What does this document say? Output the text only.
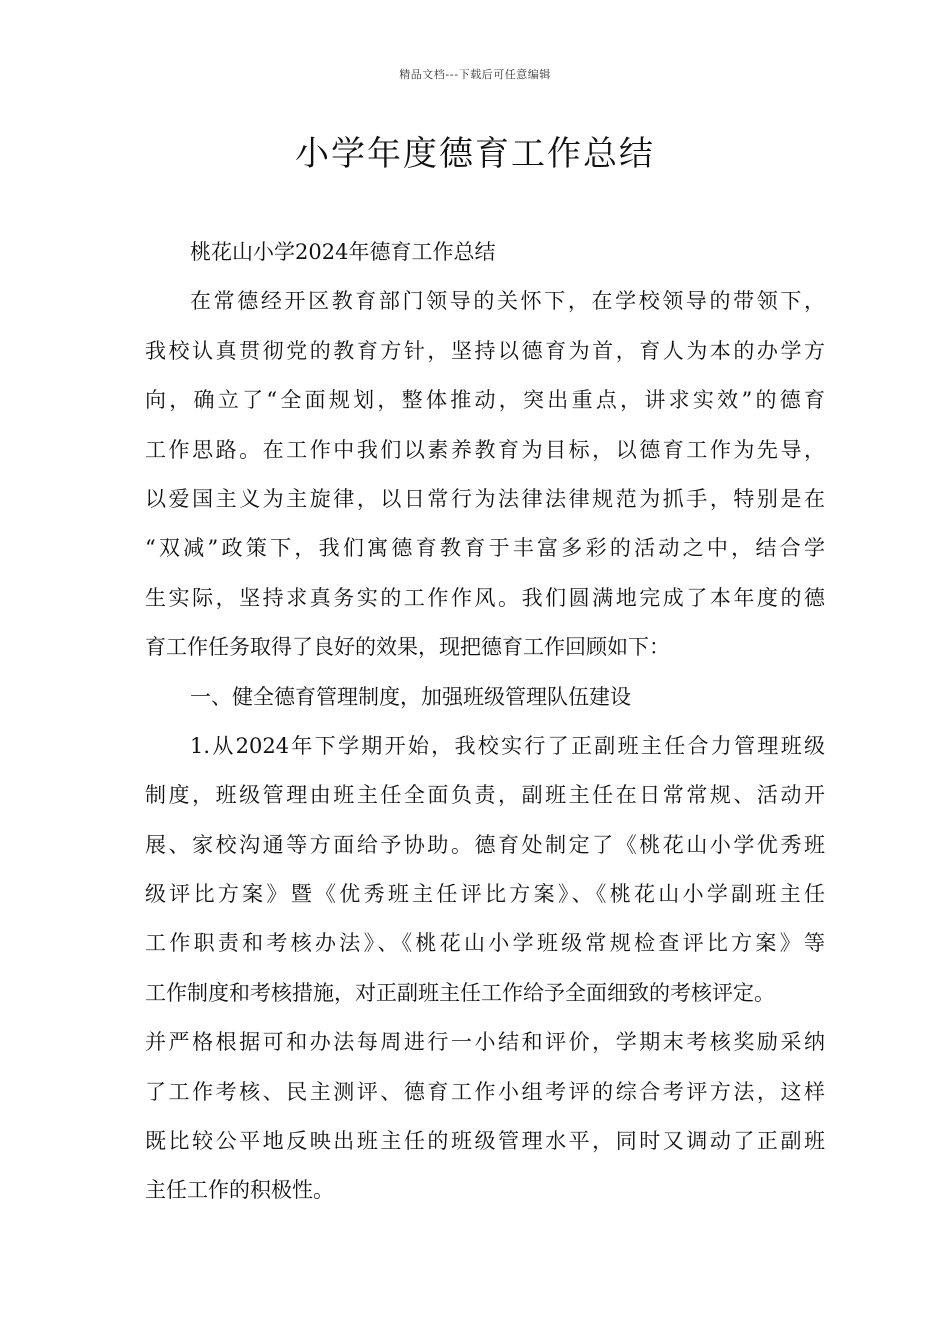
精品文档---下载后可任意编辑
小学年度德育工作总结

桃花山小学2024年德育工作总结

在常德经开区教育部门领导的关怀下，在学校领导的带领下，

我校认真贯彻党的教育方针，坚持以德育为首，育人为本的办学方

向，确立了“全面规划，整体推动，突出重点，讲求实效”的德育

工作思路。在工作中我们以素养教育为目标，以德育工作为先导，

以爱国主义为主旋律，以日常行为法律法律规范为抓手，特别是在

“双减”政策下，我们寓德育教育于丰富多彩的活动之中，结合学

生实际，坚持求真务实的工作作风。我们圆满地完成了本年度的德

育工作任务取得了良好的效果，现把德育工作回顾如下：

一、健全德育管理制度，加强班级管理队伍建设

1.从2024年下学期开始，我校实行了正副班主任合力管理班级

制度，班级管理由班主任全面负责，副班主任在日常常规、活动开

展、家校沟通等方面给予协助。德育处制定了《桃花山小学优秀班

级评比方案》暨《优秀班主任评比方案》、《桃花山小学副班主任

工作职责和考核办法》、《桃花山小学班级常规检查评比方案》等

工作制度和考核措施，对正副班主任工作给予全面细致的考核评定。

并严格根据可和办法每周进行一小结和评价，学期末考核奖励采纳

了工作考核、民主测评、德育工作小组考评的综合考评方法，这样

既比较公平地反映出班主任的班级管理水平，同时又调动了正副班

主任工作的积极性。
